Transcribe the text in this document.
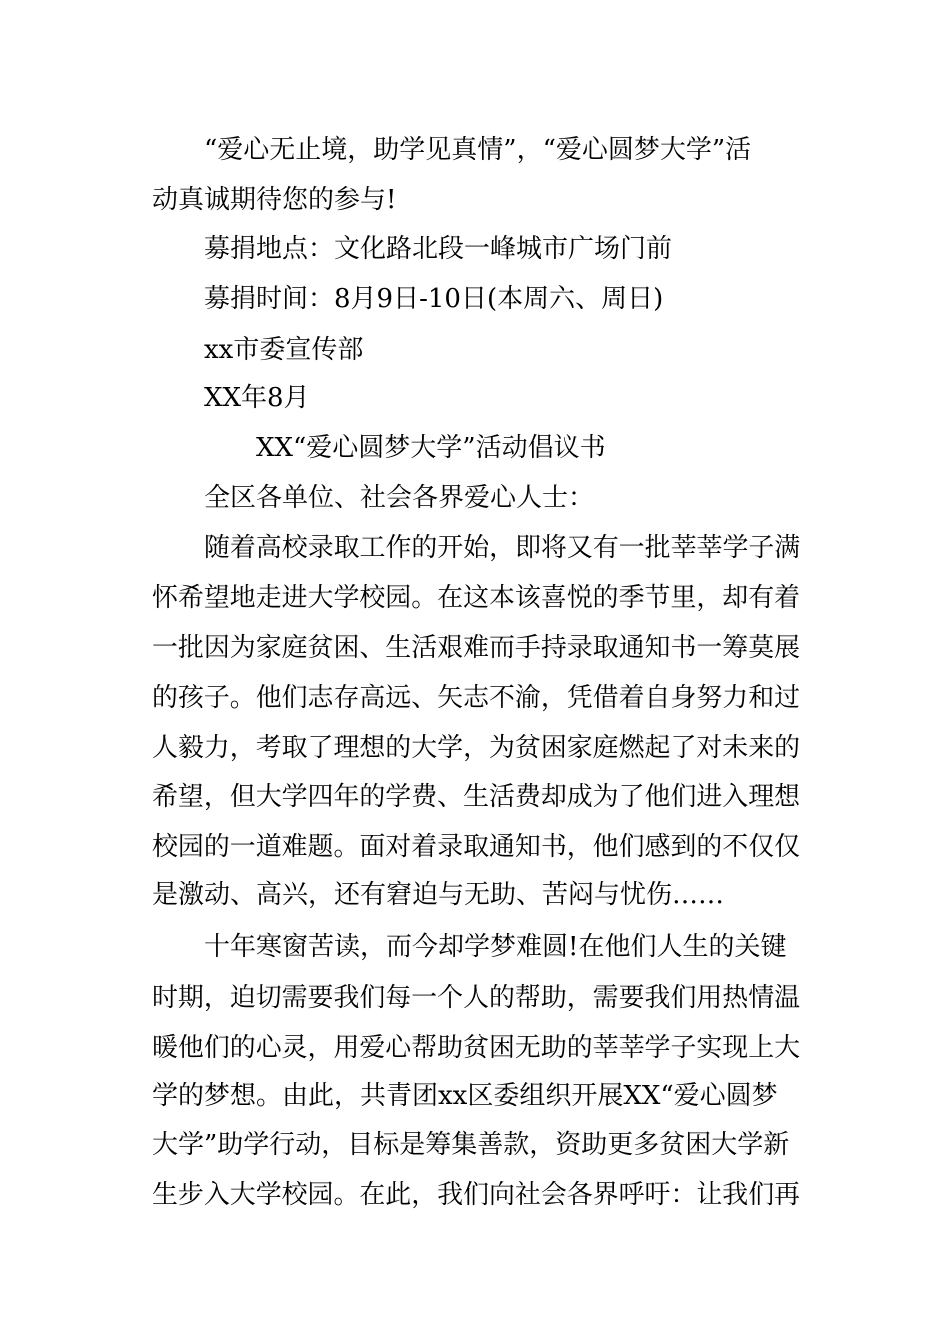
“爱心无止境，助学见真情”，“爱心圆梦大学”活
动真诚期待您的参与!
募捐地点：文化路北段一峰城市广场门前
募捐时间：8月9日-10日(本周六、周日)
xx市委宣传部
XX年8月
XX“爱心圆梦大学”活动倡议书
全区各单位、社会各界爱心人士：
随着高校录取工作的开始，即将又有一批莘莘学子满
怀希望地走进大学校园。在这本该喜悦的季节里，却有着
一批因为家庭贫困、生活艰难而手持录取通知书一筹莫展
的孩子。他们志存高远、矢志不渝，凭借着自身努力和过
人毅力，考取了理想的大学，为贫困家庭燃起了对未来的
希望，但大学四年的学费、生活费却成为了他们进入理想
校园的一道难题。面对着录取通知书，他们感到的不仅仅
是激动、高兴，还有窘迫与无助、苦闷与忧伤……
十年寒窗苦读，而今却学梦难圆!在他们人生的关键
时期，迫切需要我们每一个人的帮助，需要我们用热情温
暖他们的心灵，用爱心帮助贫困无助的莘莘学子实现上大
学的梦想。由此，共青团xx区委组织开展XX“爱心圆梦
大学”助学行动，目标是筹集善款，资助更多贫困大学新
生步入大学校园。在此，我们向社会各界呼吁：让我们再
